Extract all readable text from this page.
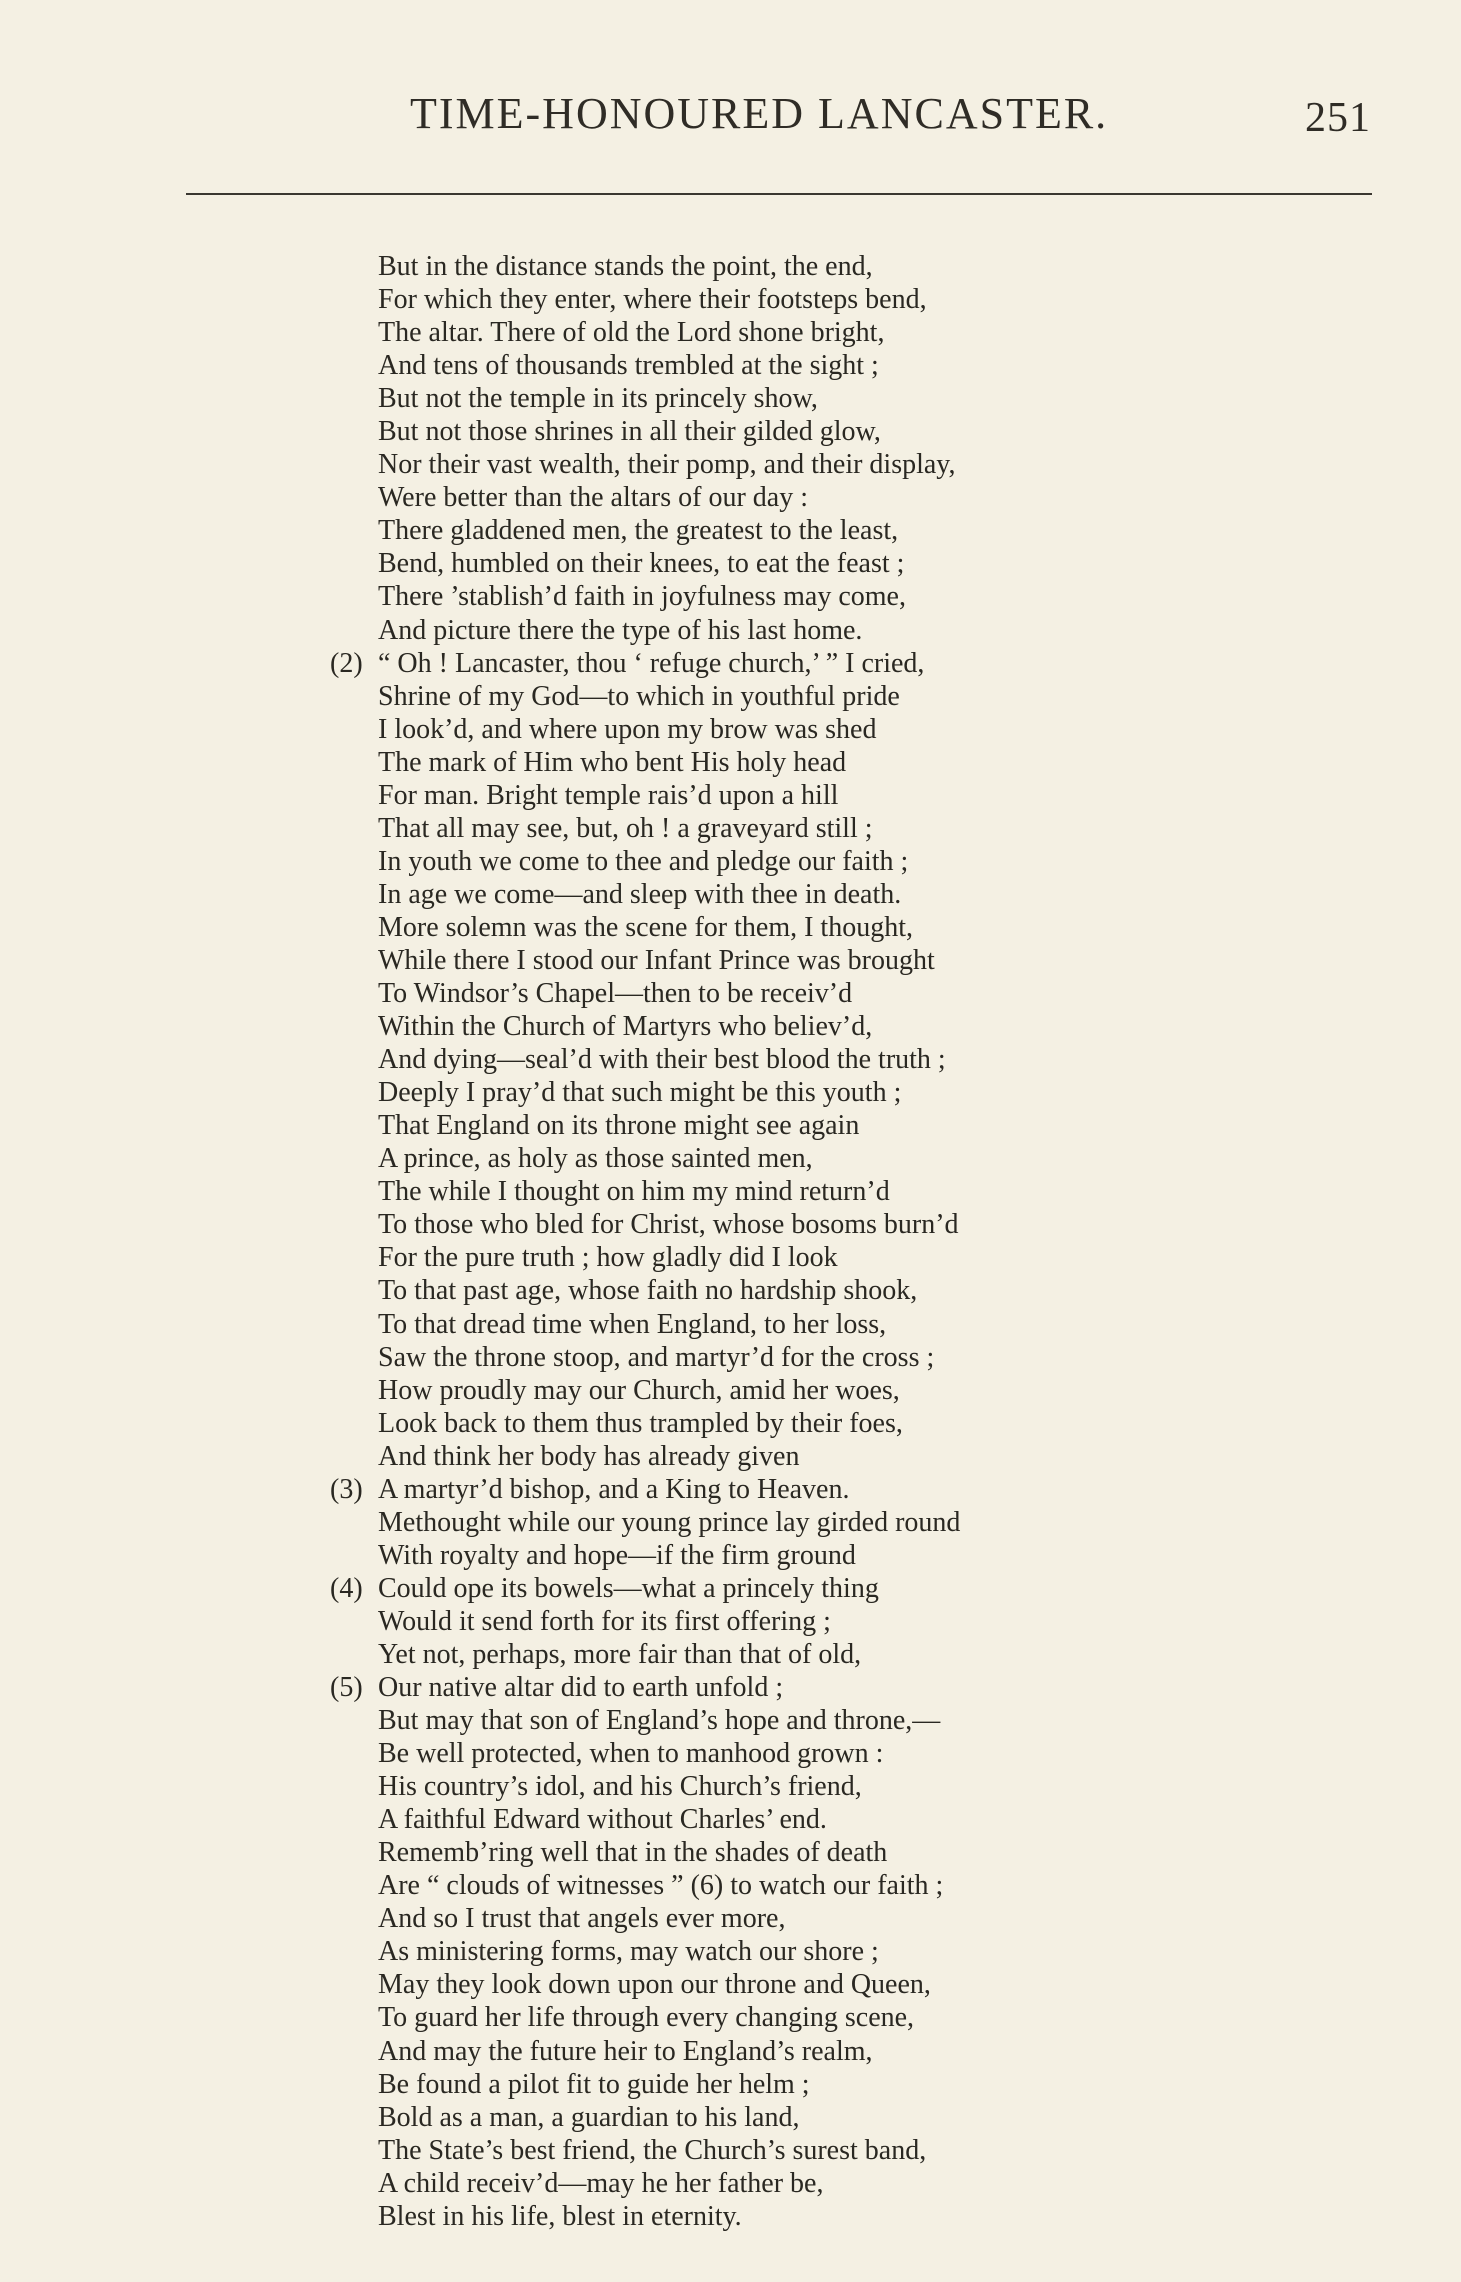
TIME-HONOURED LANCASTER.	251
But in the distance stands the point, the end,
For which they enter, where their footsteps bend,
The altar. There of old the Lord shone bright,
And tens of thousands trembled at the sight ;
But not the temple in its princely show,
But not those shrines in all their gilded glow,
Nor their vast wealth, their pomp, and their display,
Were better than the altars of our day :
There gladdened men, the greatest to the least,
Bend, humbled on their knees, to eat the feast ;
There ’stablish’d faith in joyfulness may come,
And picture there the type of his last home.
(2) “ Oh ! Lancaster, thou ‘ refuge church,’ ” I cried,
Shrine of my God—to which in youthful pride
I look’d, and where upon my brow was shed
The mark of Him who bent His holy head
For man. Bright temple rais’d upon a hill
That all may see, but, oh ! a graveyard still ;
In youth we come to thee and pledge our faith ;
In age we come—and sleep with thee in death.
More solemn was the scene for them, I thought,
While there I stood our Infant Prince was brought
To Windsor’s Chapel—then to be receiv’d
Within the Church of Martyrs who believ’d,
And dying—seal’d with their best blood the truth ;
Deeply I pray’d that such might be this youth ;
That England on its throne might see again
A prince, as holy as those sainted men,
The while I thought on him my mind return’d
To those who bled for Christ, whose bosoms burn’d
For the pure truth ; how gladly did I look
To that past age, whose faith no hardship shook,
To that dread time when England, to her loss,
Saw the throne stoop, and martyr’d for the cross ;
How proudly may our Church, amid her woes,
Look back to them thus trampled by their foes,
And think her body has already given
(3) A martyr’d bishop, and a King to Heaven.
Methought while our young prince lay girded round
With royalty and hope—if the firm ground
(4) Could ope its bowels—what a princely thing
Would it send forth for its first offering ;
Yet not, perhaps, more fair than that of old,
(5) Our native altar did to earth unfold ;
But may that son of England’s hope and throne,—
Be well protected, when to manhood grown :
His country’s idol, and his Church’s friend,
A faithful Edward without Charles’ end.
Rememb’ring well that in the shades of death
Are “ clouds of witnesses ” (6) to watch our faith ;
And so I trust that angels ever more,
As ministering forms, may watch our shore ;
May they look down upon our throne and Queen,
To guard her life through every changing scene,
And may the future heir to England’s realm,
Be found a pilot fit to guide her helm ;
Bold as a man, a guardian to his land,
The State’s best friend, the Church’s surest band,
A child receiv’d—may he her father be,
Blest in his life, blest in eternity.
